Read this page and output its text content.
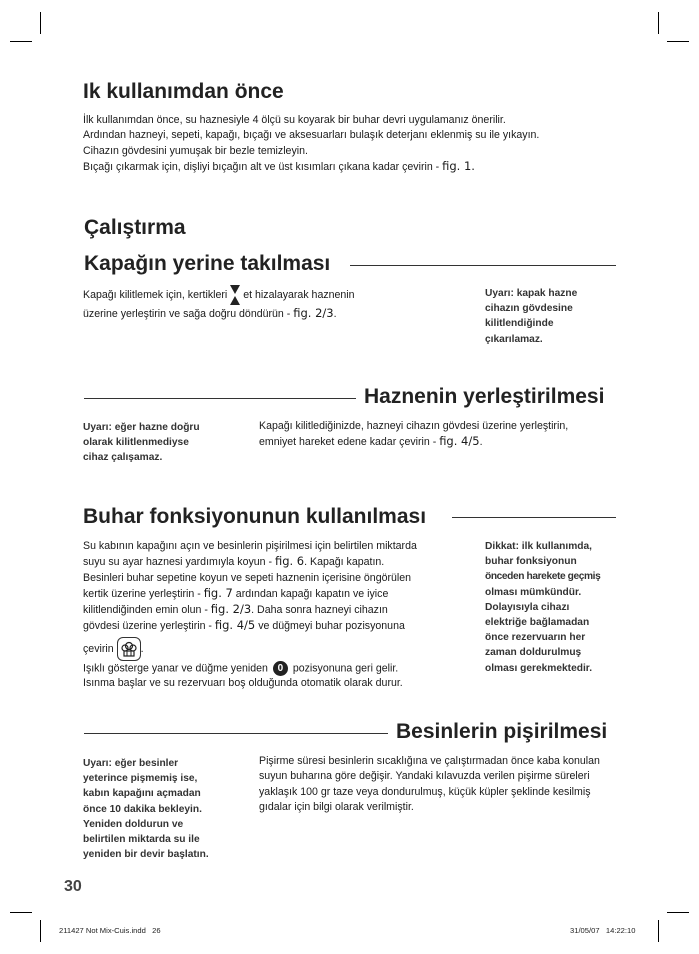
Ik kullanımdan önce

İlk kullanımdan önce, su haznesiyle 4 ölçü su koyarak bir buhar devri uygulamanız önerilir.

Ardından hazneyi, sepeti, kapağı, bıçağı ve aksesuarları bulaşık deterjanı eklenmiş su ile yıkayın.

Cihazın gövdesini yumuşak bir bezle temizleyin.

Bıçağı çıkarmak için, dişliyi bıçağın alt ve üst kısımları çıkana kadar çevirin - fig. 1.

Çalıştırma
Kapağın yerine takılması

Kapağı kilitlemek için, kertikleri et hizalayarak haznenin

üzerine yerleştirin ve sağa doğru döndürün - fig. 2/3.

Uyarı: kapak hazne
cihazın gövdesine
kilitlendiğinde
çıkarılamaz.
Haznenin yerleştirilmesi
Uyarı: eğer hazne doğru
olarak kilitlenmediyse
cihaz çalışamaz.

Kapağı kilitlediğinizde, hazneyi cihazın gövdesi üzerine yerleştirin,

emniyet hareket edene kadar çevirin - fig. 4/5.

Buhar fonksiyonunun kullanılması

Su kabının kapağını açın ve besinlerin pişirilmesi için belirtilen miktarda

suyu su ayar haznesi yardımıyla koyun - fig. 6. Kapağı kapatın.

Besinleri buhar sepetine koyun ve sepeti haznenin içerisine öngörülen

kertik üzerine yerleştirin - fig. 7 ardından kapağı kapatın ve iyice

kilitlendiğinden emin olun - fig. 2/3. Daha sonra hazneyi cihazın

gövdesi üzerine yerleştirin - fig. 4/5 ve düğmeyi buhar pozisyonuna

çevirin	.

Işıklı gösterge yanar ve düğme yeniden 0 pozisyonuna geri gelir.

Isınma başlar ve su rezervuarı boş olduğunda otomatik olarak durur.

Dikkat: ilk kullanımda,
buhar fonksiyonun
önceden harekete geçmiş
olması mümkündür.
Dolayısıyla cihazı
elektriğe bağlamadan
önce rezervuarın her
zaman doldurulmuş
olması gerekmektedir.
Besinlerin pişirilmesi
Uyarı: eğer besinler
yeterince pişmemiş ise,
kabın kapağını açmadan
önce 10 dakika bekleyin.
Yeniden doldurun ve
belirtilen miktarda su ile
yeniden bir devir başlatın.

Pişirme süresi besinlerin sıcaklığına ve çalıştırmadan önce kaba konulan

suyun buharına göre değişir. Yandaki kılavuzda verilen pişirme süreleri

yaklaşık 100 gr taze veya dondurulmuş, küçük küpler şeklinde kesilmiş

gıdalar için bilgi olarak verilmiştir.

30
211427 Not Mix-Cuis.indd   26	31/05/07   14:22:10
